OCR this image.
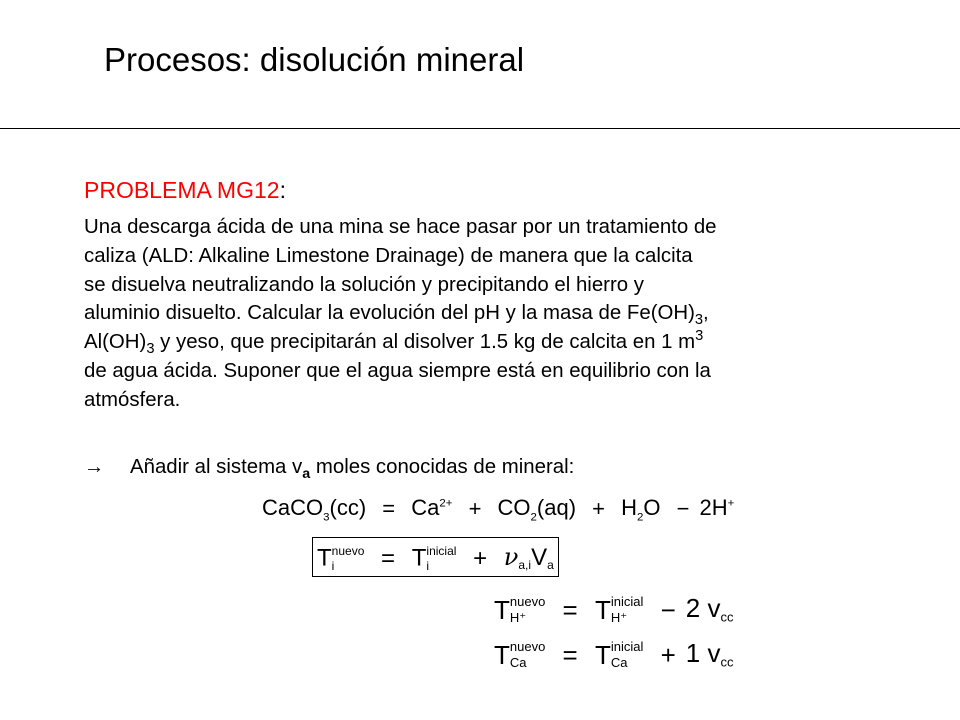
Procesos: disolución mineral
PROBLEMA MG12:
Una descarga ácida de una mina se hace pasar por un tratamiento de
caliza (ALD: Alkaline Limestone Drainage) de manera que la calcita
se disuelva neutralizando la solución y precipitando el hierro y
aluminio disuelto. Calcular la evolución del pH y la masa de $Fe(OH)_3$,
$Al(OH)_3$ y yeso, que precipitarán al disolver 1.5 kg de calcita en 1 $m^3$
de agua ácida. Suponer que el agua siempre está en equilibrio con la
atmósfera.
→ Añadir al sistema $v_a$ moles conocidas de mineral:
CaCO$_3$(cc) = $Ca^{2+} + CO_2(aq) + H_2O - 2H^+$
T nuevo
i	= T inicial
i	+ νa,iVa
T nuevo
H⁺	= T inicial
H⁺	− 2 vcc
T nuevo
Ca	= T inicial
Ca	+ 1 vcc
